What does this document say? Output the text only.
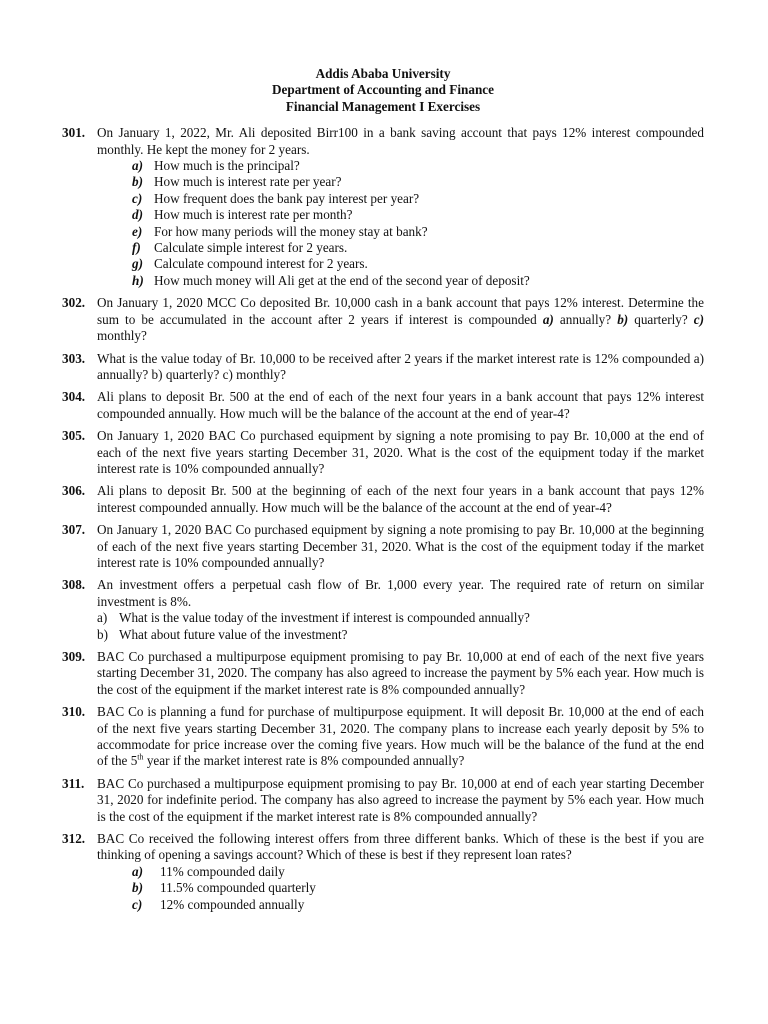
Addis Ababa University
Department of Accounting and Finance
Financial Management I Exercises
301. On January 1, 2022, Mr. Ali deposited Birr100 in a bank saving account that pays 12% interest compounded monthly. He kept the money for 2 years.
a) How much is the principal?
b) How much is interest rate per year?
c) How frequent does the bank pay interest per year?
d) How much is interest rate per month?
e) For how many periods will the money stay at bank?
f) Calculate simple interest for 2 years.
g) Calculate compound interest for 2 years.
h) How much money will Ali get at the end of the second year of deposit?
302. On January 1, 2020 MCC Co deposited Br. 10,000 cash in a bank account that pays 12% interest. Determine the sum to be accumulated in the account after 2 years if interest is compounded a) annually? b) quarterly? c) monthly?
303. What is the value today of Br. 10,000 to be received after 2 years if the market interest rate is 12% compounded a) annually? b) quarterly? c) monthly?
304. Ali plans to deposit Br. 500 at the end of each of the next four years in a bank account that pays 12% interest compounded annually. How much will be the balance of the account at the end of year-4?
305. On January 1, 2020 BAC Co purchased equipment by signing a note promising to pay Br. 10,000 at the end of each of the next five years starting December 31, 2020. What is the cost of the equipment today if the market interest rate is 10% compounded annually?
306. Ali plans to deposit Br. 500 at the beginning of each of the next four years in a bank account that pays 12% interest compounded annually. How much will be the balance of the account at the end of year-4?
307. On January 1, 2020 BAC Co purchased equipment by signing a note promising to pay Br. 10,000 at the beginning of each of the next five years starting December 31, 2020. What is the cost of the equipment today if the market interest rate is 10% compounded annually?
308. An investment offers a perpetual cash flow of Br. 1,000 every year. The required rate of return on similar investment is 8%.
a) What is the value today of the investment if interest is compounded annually?
b) What about future value of the investment?
309. BAC Co purchased a multipurpose equipment promising to pay Br. 10,000 at end of each of the next five years starting December 31, 2020. The company has also agreed to increase the payment by 5% each year. How much is the cost of the equipment if the market interest rate is 8% compounded annually?
310. BAC Co is planning a fund for purchase of multipurpose equipment. It will deposit Br. 10,000 at the end of each of the next five years starting December 31, 2020. The company plans to increase each yearly deposit by 5% to accommodate for price increase over the coming five years. How much will be the balance of the fund at the end of the 5th year if the market interest rate is 8% compounded annually?
311. BAC Co purchased a multipurpose equipment promising to pay Br. 10,000 at end of each year starting December 31, 2020 for indefinite period. The company has also agreed to increase the payment by 5% each year. How much is the cost of the equipment if the market interest rate is 8% compounded annually?
312. BAC Co received the following interest offers from three different banks. Which of these is the best if you are thinking of opening a savings account? Which of these is best if they represent loan rates?
a) 11% compounded daily
b) 11.5% compounded quarterly
c) 12% compounded annually
